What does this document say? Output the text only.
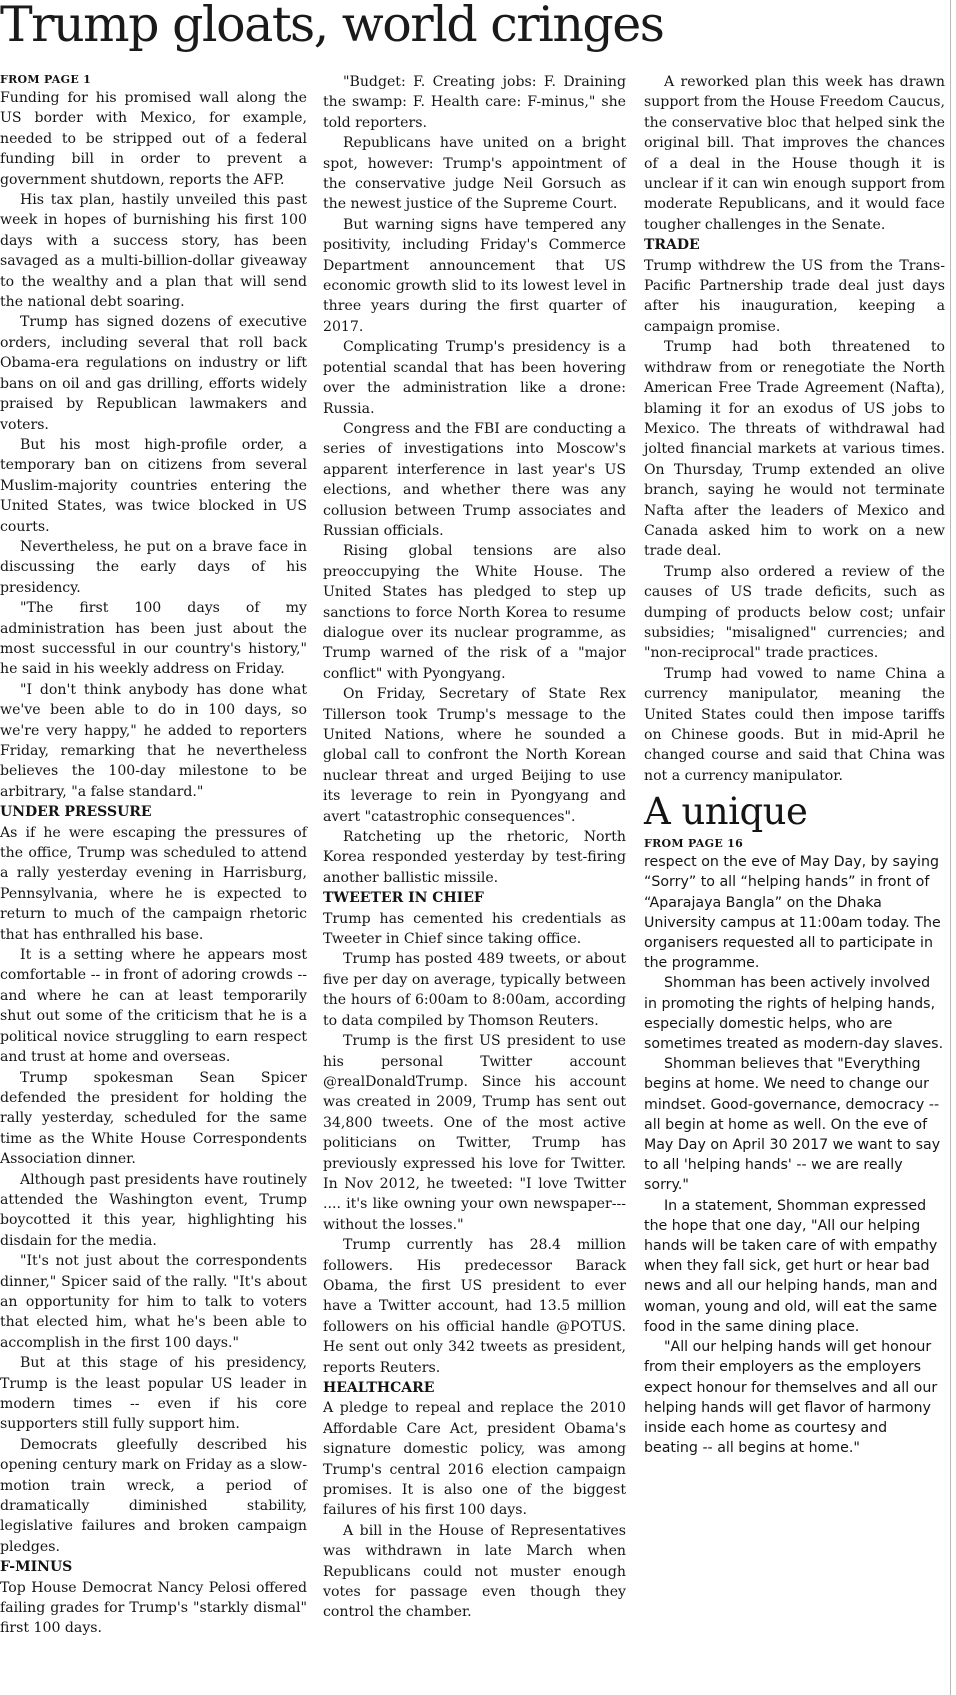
Trump gloats, world cringes
FROM PAGE 1

Funding for his promised wall along the US border with Mexico, for example, needed to be stripped out of a federal funding bill in order to prevent a government shutdown, reports the AFP.

His tax plan, hastily unveiled this past week in hopes of burnishing his first 100 days with a success story, has been savaged as a multi-billion-dollar giveaway to the wealthy and a plan that will send the national debt soaring.

Trump has signed dozens of executive orders, including several that roll back Obama-era regulations on industry or lift bans on oil and gas drilling, efforts widely praised by Republican lawmakers and voters.

But his most high-profile order, a temporary ban on citizens from several Muslim-majority countries entering the United States, was twice blocked in US courts.

Nevertheless, he put on a brave face in discussing the early days of his presidency.

"The first 100 days of my administration has been just about the most successful in our country's history," he said in his weekly address on Friday.

"I don't think anybody has done what we've been able to do in 100 days, so we're very happy," he added to reporters Friday, remarking that he nevertheless believes the 100-day milestone to be arbitrary, "a false standard."

UNDER PRESSURE

As if he were escaping the pressures of the office, Trump was scheduled to attend a rally yesterday evening in Harrisburg, Pennsylvania, where he is expected to return to much of the campaign rhetoric that has enthralled his base.

It is a setting where he appears most comfortable -- in front of adoring crowds -- and where he can at least temporarily shut out some of the criticism that he is a political novice struggling to earn respect and trust at home and overseas.

Trump spokesman Sean Spicer defended the president for holding the rally yesterday, scheduled for the same time as the White House Correspondents Association dinner.

Although past presidents have routinely attended the Washington event, Trump boycotted it this year, highlighting his disdain for the media.

"It's not just about the correspondents dinner," Spicer said of the rally. "It's about an opportunity for him to talk to voters that elected him, what he's been able to accomplish in the first 100 days."

But at this stage of his presidency, Trump is the least popular US leader in modern times -- even if his core supporters still fully support him.

Democrats gleefully described his opening century mark on Friday as a slow-motion train wreck, a period of dramatically diminished stability, legislative failures and broken campaign pledges.

F-MINUS

Top House Democrat Nancy Pelosi offered failing grades for Trump's "starkly dismal" first 100 days.

"Budget: F. Creating jobs: F. Draining the swamp: F. Health care: F-minus," she told reporters.

Republicans have united on a bright spot, however: Trump's appointment of the conservative judge Neil Gorsuch as the newest justice of the Supreme Court.

But warning signs have tempered any positivity, including Friday's Commerce Department announcement that US economic growth slid to its lowest level in three years during the first quarter of 2017.

Complicating Trump's presidency is a potential scandal that has been hovering over the administration like a drone: Russia.

Congress and the FBI are conducting a series of investigations into Moscow's apparent interference in last year's US elections, and whether there was any collusion between Trump associates and Russian officials.

Rising global tensions are also preoccupying the White House. The United States has pledged to step up sanctions to force North Korea to resume dialogue over its nuclear programme, as Trump warned of the risk of a "major conflict" with Pyongyang.

On Friday, Secretary of State Rex Tillerson took Trump's message to the United Nations, where he sounded a global call to confront the North Korean nuclear threat and urged Beijing to use its leverage to rein in Pyongyang and avert "catastrophic consequences".

Ratcheting up the rhetoric, North Korea responded yesterday by test-firing another ballistic missile.

TWEETER IN CHIEF

Trump has cemented his credentials as Tweeter in Chief since taking office.

Trump has posted 489 tweets, or about five per day on average, typically between the hours of 6:00am to 8:00am, according to data compiled by Thomson Reuters.

Trump is the first US president to use his personal Twitter account @realDonaldTrump. Since his account was created in 2009, Trump has sent out 34,800 tweets. One of the most active politicians on Twitter, Trump has previously expressed his love for Twitter. In Nov 2012, he tweeted: "I love Twitter .... it's like owning your own newspaper--- without the losses."

Trump currently has 28.4 million followers. His predecessor Barack Obama, the first US president to ever have a Twitter account, had 13.5 million followers on his official handle @POTUS. He sent out only 342 tweets as president, reports Reuters.

HEALTHCARE

A pledge to repeal and replace the 2010 Affordable Care Act, president Obama's signature domestic policy, was among Trump's central 2016 election campaign promises. It is also one of the biggest failures of his first 100 days.

A bill in the House of Representatives was withdrawn in late March when Republicans could not muster enough votes for passage even though they control the chamber.

A reworked plan this week has drawn support from the House Freedom Caucus, the conservative bloc that helped sink the original bill. That improves the chances of a deal in the House though it is unclear if it can win enough support from moderate Republicans, and it would face tougher challenges in the Senate.

TRADE

Trump withdrew the US from the Trans-Pacific Partnership trade deal just days after his inauguration, keeping a campaign promise.

Trump had both threatened to withdraw from or renegotiate the North American Free Trade Agreement (Nafta), blaming it for an exodus of US jobs to Mexico. The threats of withdrawal had jolted financial markets at various times. On Thursday, Trump extended an olive branch, saying he would not terminate Nafta after the leaders of Mexico and Canada asked him to work on a new trade deal.

Trump also ordered a review of the causes of US trade deficits, such as dumping of products below cost; unfair subsidies; "misaligned" currencies; and "non-reciprocal" trade practices.

Trump had vowed to name China a currency manipulator, meaning the United States could then impose tariffs on Chinese goods. But in mid-April he changed course and said that China was not a currency manipulator.

A unique
FROM PAGE 16

respect on the eve of May Day, by saying “Sorry” to all “helping hands” in front of “Aparajaya Bangla” on the Dhaka University campus at 11:00am today. The organisers requested all to participate in the programme.

Shomman has been actively involved in promoting the rights of helping hands, especially domestic helps, who are sometimes treated as modern-day slaves.

Shomman believes that "Everything begins at home. We need to change our mindset. Good-governance, democracy -- all begin at home as well. On the eve of May Day on April 30 2017 we want to say to all 'helping hands' -- we are really sorry."

In a statement, Shomman expressed the hope that one day, "All our helping hands will be taken care of with empathy when they fall sick, get hurt or hear bad news and all our helping hands, man and woman, young and old, will eat the same food in the same dining place.

"All our helping hands will get honour from their employers as the employers expect honour for themselves and all our helping hands will get flavor of harmony inside each home as courtesy and beating -- all begins at home."
